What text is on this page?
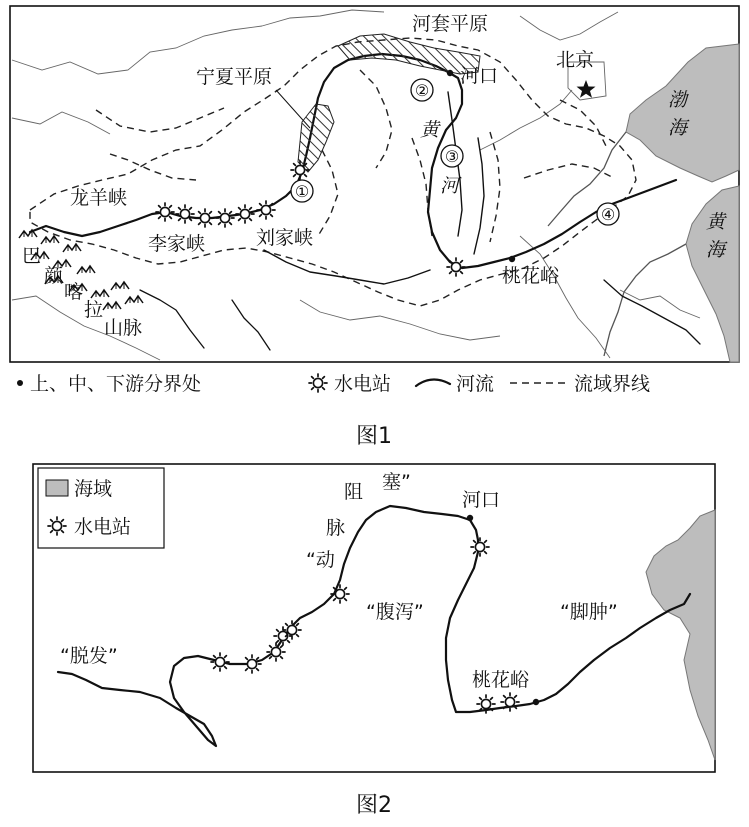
①
②
③
④
河套平原
宁夏平原	河口
北京
渤
海
黄
海
龙羊峡
李家峡	刘家峡
桃花峪
黄
河
巴
颜
喀
拉
山脉
上、中、下游分界处	水电站	河流	流域界线
图1
海域
水电站
阻 塞”
脉
“动
河口
“腹泻”	“脚肿”
“脱发”
桃花峪
图2
